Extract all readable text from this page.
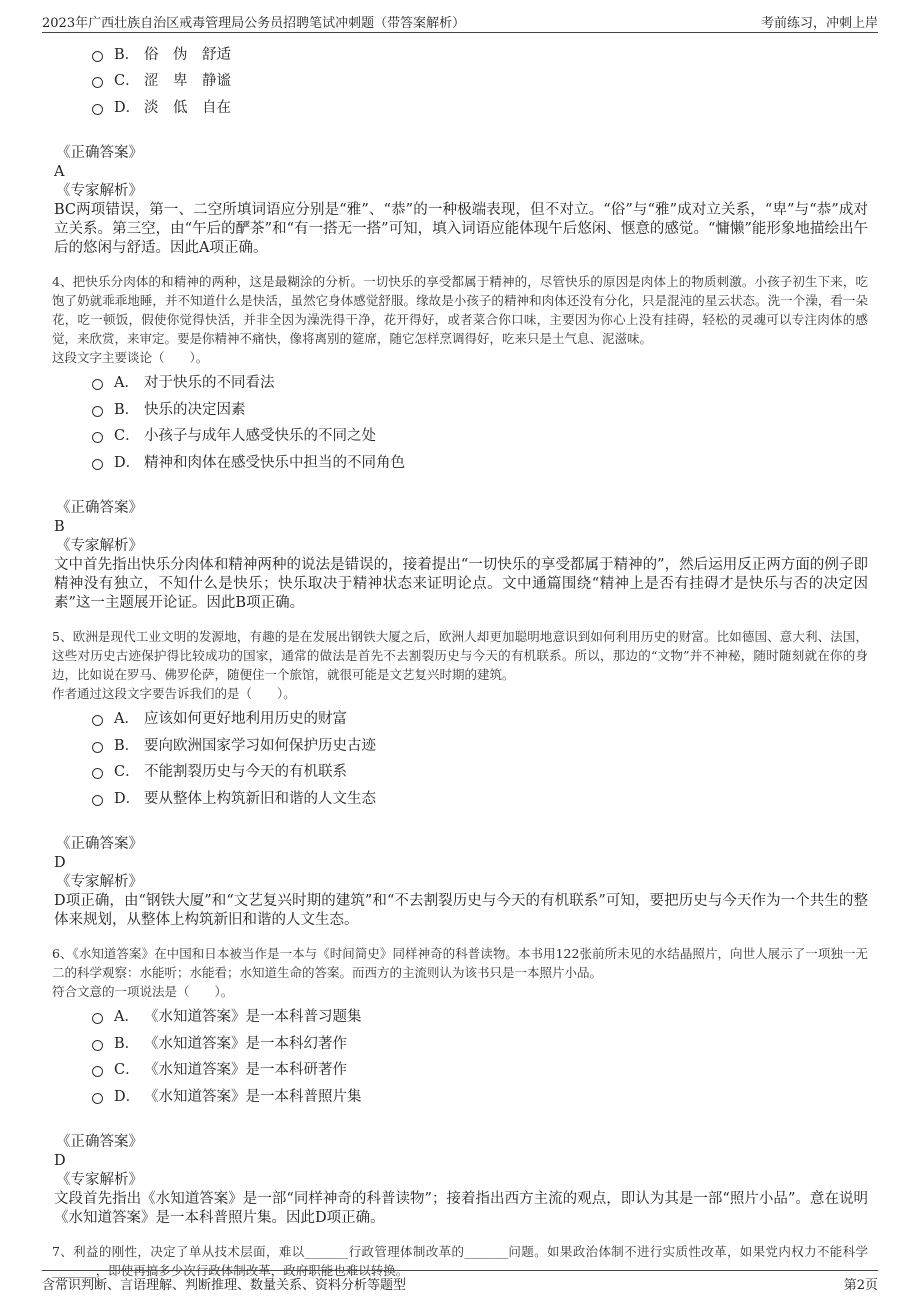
2023年广西壮族自治区戒毒管理局公务员招聘笔试冲刺题（带答案解析）	考前练习，冲刺上岸
B． 俗　伪　舒适
C． 涩　卑　静谧
D． 淡　低　自在
《正确答案》
A
《专家解析》
BC两项错误，第一、二空所填词语应分别是“雅”、“恭”的一种极端表现，但不对立。“俗”与“雅”成对立关系，“卑”与“恭”成对立关系。第三空，由“午后的酽茶”和“有一搭无一搭”可知，填入词语应能体现午后悠闲、惬意的感觉。“慵懒”能形象地描绘出午后的悠闲与舒适。因此A项正确。
4、把快乐分肉体的和精神的两种，这是最糊涂的分析。一切快乐的享受都属于精神的，尽管快乐的原因是肉体上的物质刺激。小孩子初生下来，吃饱了奶就乖乖地睡，并不知道什么是快活，虽然它身体感觉舒服。缘故是小孩子的精神和肉体还没有分化，只是混沌的星云状态。洗一个澡，看一朵花，吃一顿饭，假使你觉得快活，并非全因为澡洗得干净，花开得好，或者菜合你口味，主要因为你心上没有挂碍，轻松的灵魂可以专注肉体的感觉，来欣赏，来审定。要是你精神不痛快，像将离别的筵席，随它怎样烹调得好，吃来只是土气息、泥滋味。
这段文字主要谈论（　　）。
A． 对于快乐的不同看法
B． 快乐的决定因素
C． 小孩子与成年人感受快乐的不同之处
D． 精神和肉体在感受快乐中担当的不同角色
《正确答案》
B
《专家解析》
文中首先指出快乐分肉体和精神两种的说法是错误的，接着提出“一切快乐的享受都属于精神的”，然后运用反正两方面的例子即精神没有独立，不知什么是快乐；快乐取决于精神状态来证明论点。文中通篇围绕“精神上是否有挂碍才是快乐与否的决定因素”这一主题展开论证。因此B项正确。
5、欧洲是现代工业文明的发源地，有趣的是在发展出钢铁大厦之后，欧洲人却更加聪明地意识到如何利用历史的财富。比如德国、意大利、法国，这些对历史古迹保护得比较成功的国家，通常的做法是首先不去割裂历史与今天的有机联系。所以，那边的“文物”并不神秘，随时随刻就在你的身边，比如说在罗马、佛罗伦萨，随便住一个旅馆，就很可能是文艺复兴时期的建筑。
作者通过这段文字要告诉我们的是（　　）。
A． 应该如何更好地利用历史的财富
B． 要向欧洲国家学习如何保护历史古迹
C． 不能割裂历史与今天的有机联系
D． 要从整体上构筑新旧和谐的人文生态
《正确答案》
D
《专家解析》
D项正确，由“钢铁大厦”和“文艺复兴时期的建筑”和“不去割裂历史与今天的有机联系”可知，要把历史与今天作为一个共生的整体来规划，从整体上构筑新旧和谐的人文生态。
6、《水知道答案》在中国和日本被当作是一本与《时间简史》同样神奇的科普读物。本书用122张前所未见的水结晶照片，向世人展示了一项独一无二的科学观察：水能听；水能看；水知道生命的答案。而西方的主流则认为该书只是一本照片小品。
符合文意的一项说法是（　　）。
A． 《水知道答案》是一本科普习题集
B． 《水知道答案》是一本科幻著作
C． 《水知道答案》是一本科研著作
D． 《水知道答案》是一本科普照片集
《正确答案》
D
《专家解析》
文段首先指出《水知道答案》是一部“同样神奇的科普读物”；接着指出西方主流的观点，即认为其是一部“照片小品”。意在说明《水知道答案》是一本科普照片集。因此D项正确。
7、利益的刚性，决定了单从技术层面，难以_______行政管理体制改革的_______问题。如果政治体制不进行实质性改革，如果党内权力不能科学_______，即使再搞多少次行政体制改革，政府职能也难以转换。
含常识判断、言语理解、判断推理、数量关系、资料分析等题型	第2页
